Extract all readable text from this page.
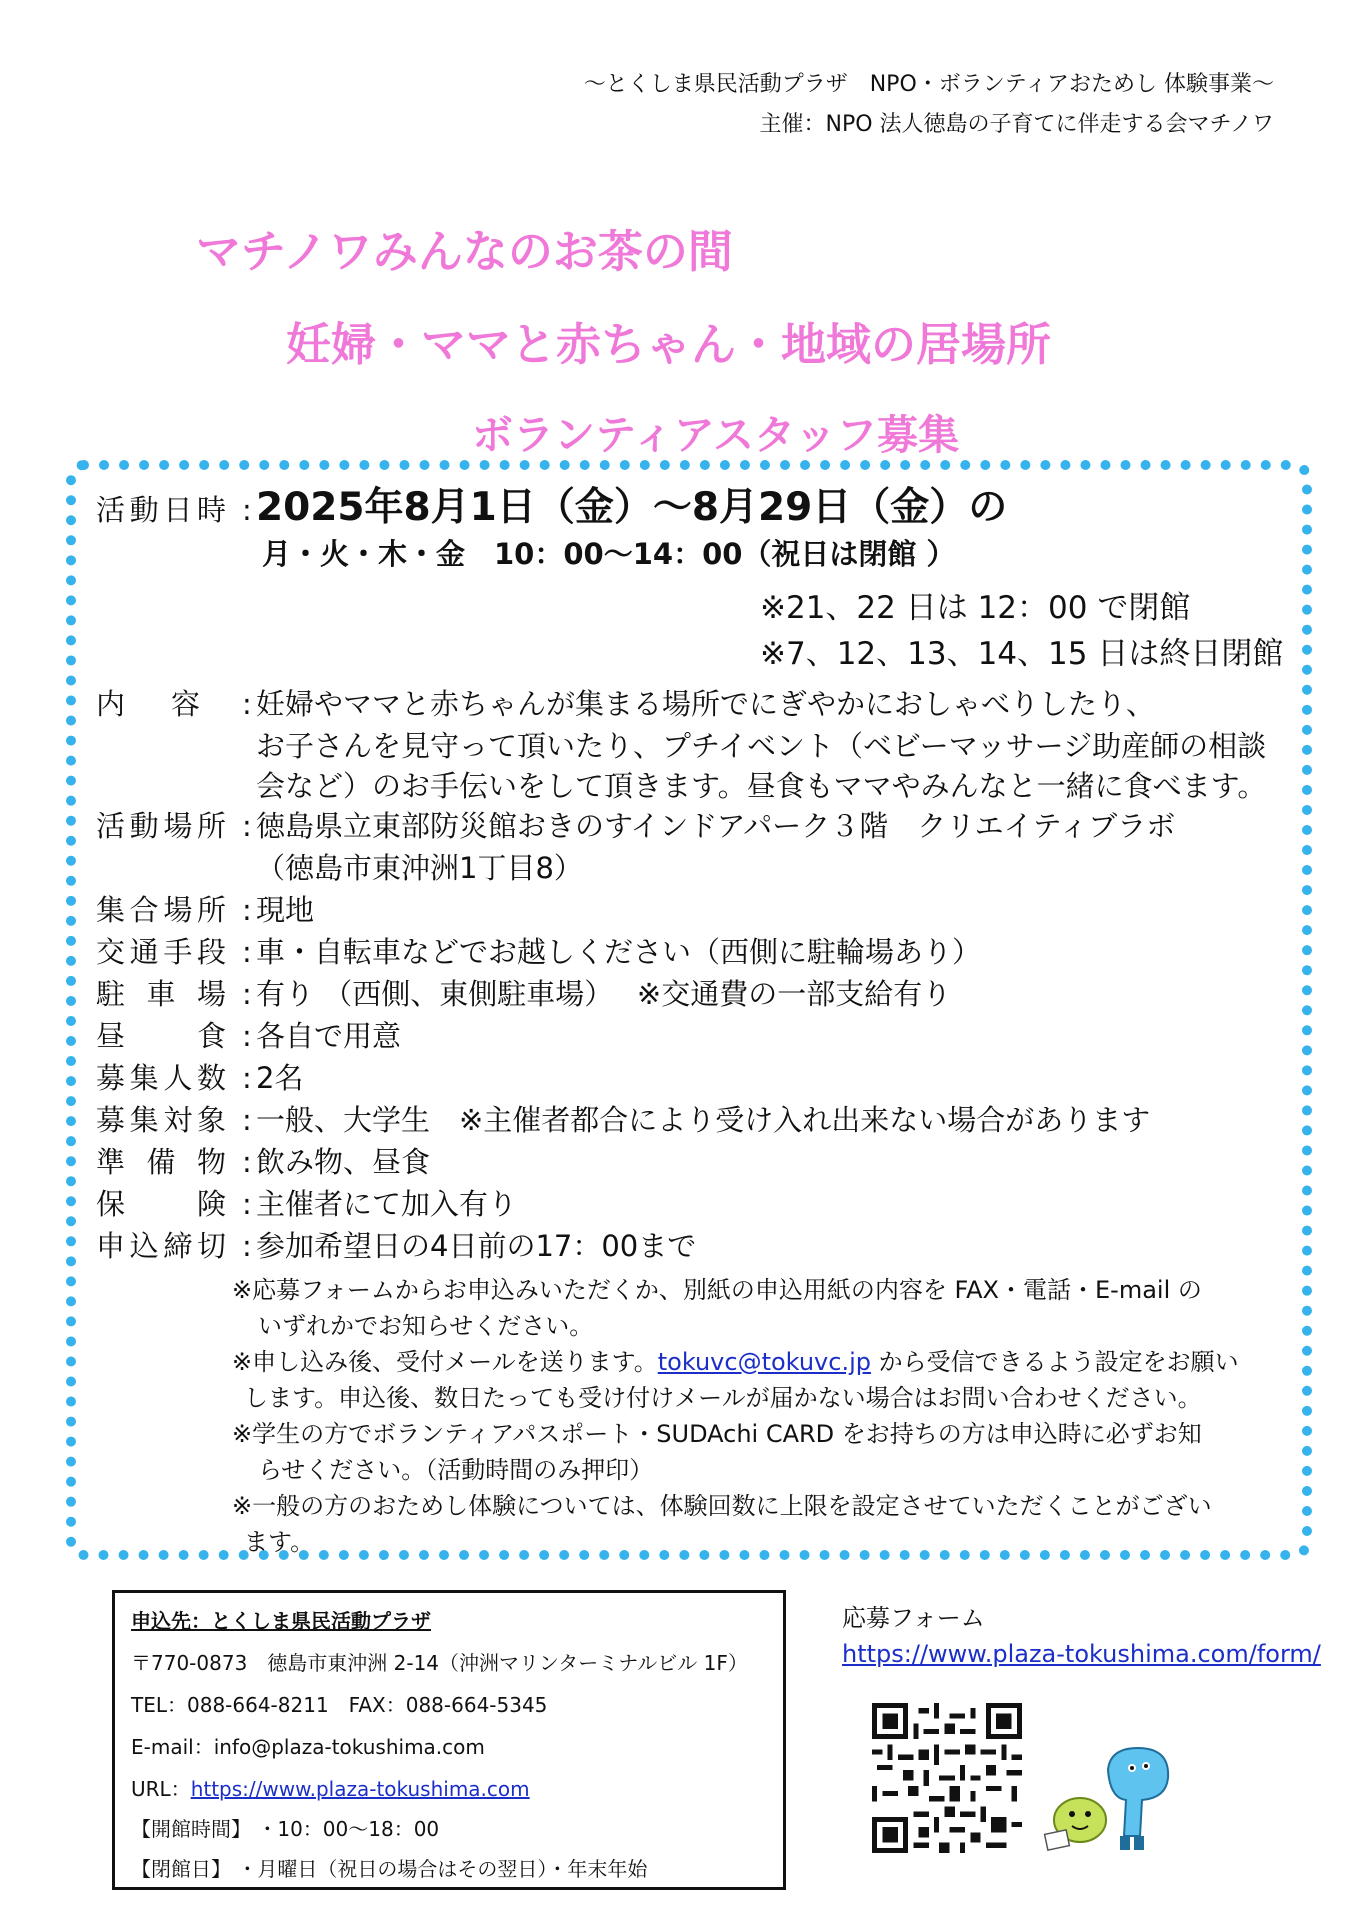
～とくしま県民活動プラザ　NPO・ボランティアおためし 体験事業～
主催：NPO 法人徳島の子育てに伴走する会マチノワ
マチノワみんなのお茶の間
妊婦・ママと赤ちゃん・地域の居場所
ボランティアスタッフ募集
活動日時 : 2025年8月1日（金）～8月29日（金）の
月・火・木・金　10：00～14：00（祝日は閉館 ）
※21、22 日は 12：00 で閉館
※7、12、13、14、15 日は終日閉館
内容 : 妊婦やママと赤ちゃんが集まる場所でにぎやかにおしゃべりしたり、
お子さんを見守って頂いたり、プチイベント（ベビーマッサージ助産師の相談
会など）のお手伝いをして頂きます。昼食もママやみんなと一緒に食べます。
活動場所 : 徳島県立東部防災館おきのすインドアパーク３階　クリエイティブラボ
（徳島市東沖洲1丁目8）
集合場所 : 現地
交通手段 : 車・自転車などでお越しください（西側に駐輪場あり）
駐車場 : 有り （西側、東側駐車場）　 ※交通費の一部支給有り
昼食 : 各自で用意
募集人数 : 2名
募集対象 : 一般、大学生　※主催者都合により受け入れ出来ない場合があります
準備物 : 飲み物、昼食
保険 : 主催者にて加入有り
申込締切 : 参加希望日の4日前の17：00まで
※応募フォームからお申込みいただくか、別紙の申込用紙の内容を FAX・電話・E-mail の
いずれかでお知らせください。
※申し込み後、受付メールを送ります。tokuvc@tokuvc.jp から受信できるよう設定をお願い
します。申込後、数日たっても受け付けメールが届かない場合はお問い合わせください。
※学生の方でボランティアパスポート・SUDAchi CARD をお持ちの方は申込時に必ずお知
らせください。（活動時間のみ押印）
※一般の方のおためし体験については、体験回数に上限を設定させていただくことがござい
ます。
申込先：とくしま県民活動プラザ
〒770-0873　徳島市東沖洲 2-14（沖洲マリンターミナルビル 1F）
TEL：088-664-8211　FAX：088-664-5345
E-mail：info@plaza-tokushima.com
URL：https://www.plaza-tokushima.com
【開館時間】 ・10：00～18：00
【閉館日】 ・月曜日（祝日の場合はその翌日）・年末年始
応募フォーム
https://www.plaza-tokushima.com/form/
